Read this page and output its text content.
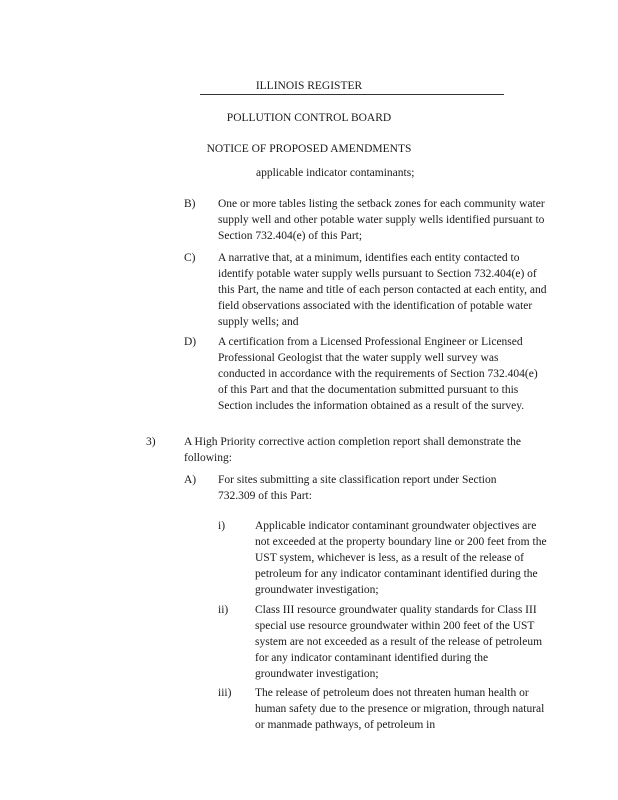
ILLINOIS REGISTER
POLLUTION CONTROL BOARD
NOTICE OF PROPOSED AMENDMENTS
applicable indicator contaminants;
B) One or more tables listing the setback zones for each community water supply well and other potable water supply wells identified pursuant to Section 732.404(e) of this Part;
C) A narrative that, at a minimum, identifies each entity contacted to identify potable water supply wells pursuant to Section 732.404(e) of this Part, the name and title of each person contacted at each entity, and field observations associated with the identification of potable water supply wells; and
D) A certification from a Licensed Professional Engineer or Licensed Professional Geologist that the water supply well survey was conducted in accordance with the requirements of Section 732.404(e) of this Part and that the documentation submitted pursuant to this Section includes the information obtained as a result of the survey.
3) A High Priority corrective action completion report shall demonstrate the following:
A) For sites submitting a site classification report under Section 732.309 of this Part:
i)	Applicable indicator contaminant groundwater objectives are not exceeded at the property boundary line or 200 feet from the UST system, whichever is less, as a result of the release of petroleum for any indicator contaminant identified during the groundwater investigation;
ii) Class III resource groundwater quality standards for Class III special use resource groundwater within 200 feet of the UST system are not exceeded as a result of the release of petroleum for any indicator contaminant identified during the groundwater investigation;
iii) The release of petroleum does not threaten human health or human safety due to the presence or migration, through natural or manmade pathways, of petroleum in
